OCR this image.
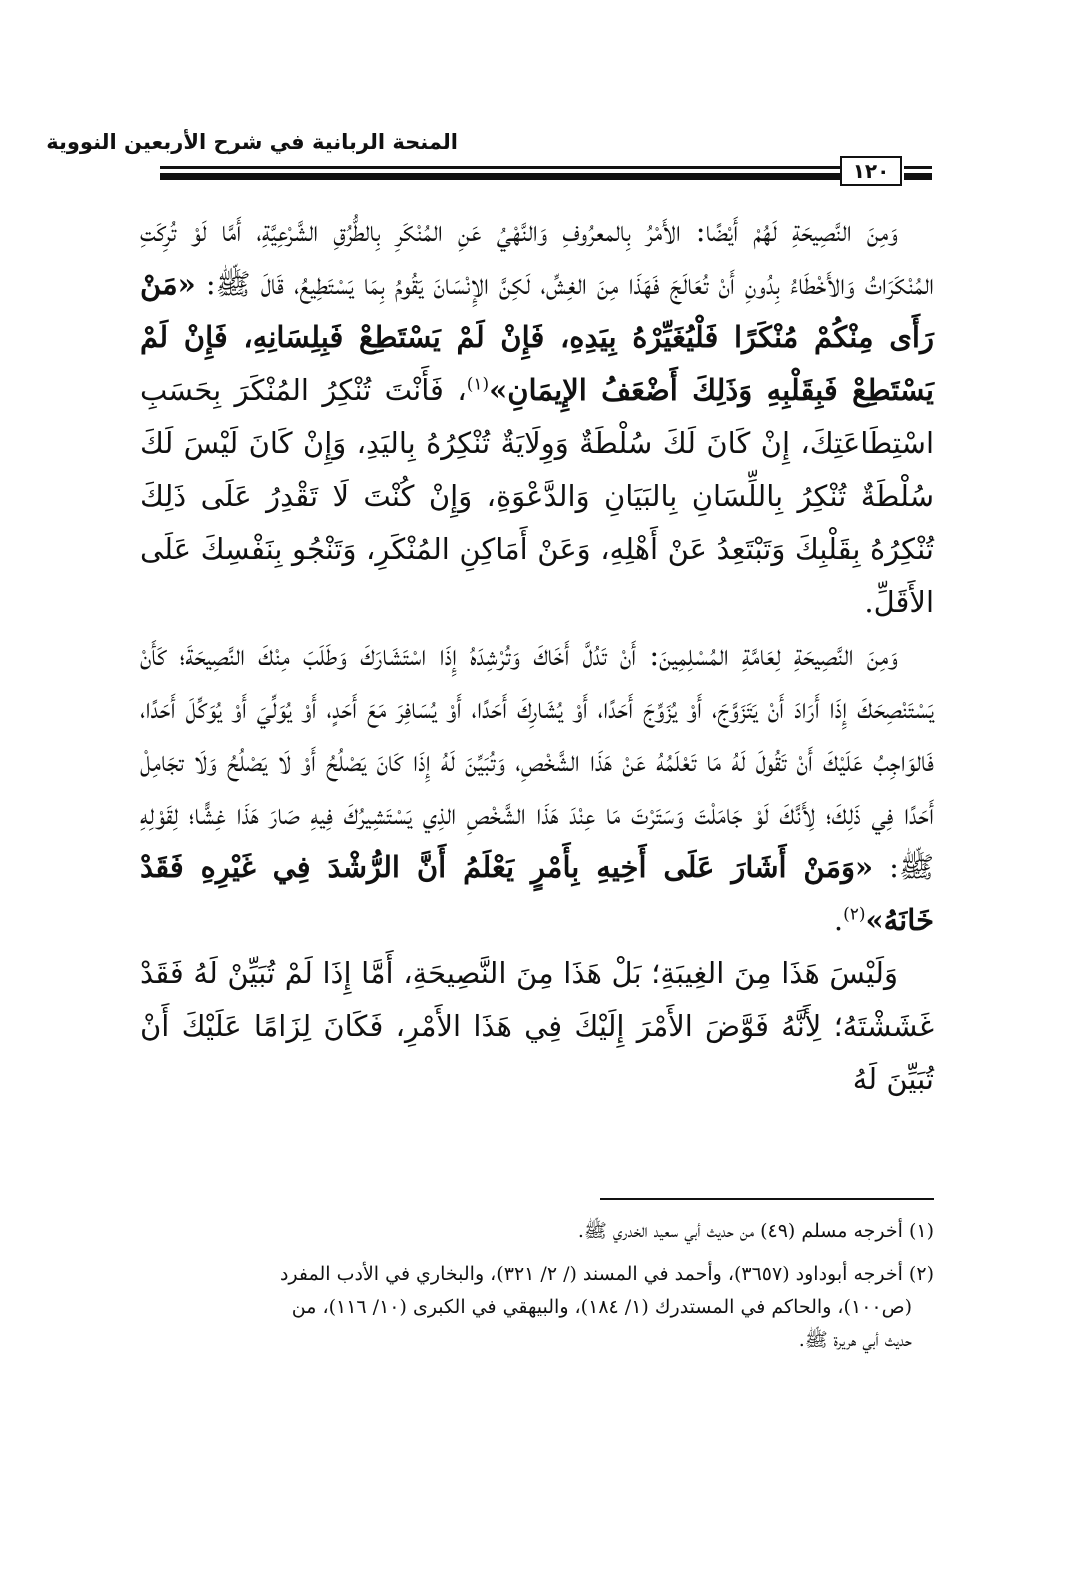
المنحة الربانية في شرح الأربعين النووية
١٢٠

وَمِنَ النَّصِيحَةِ لَهُمْ أَيْضًا: الأَمْرُ بِالمعرُوفِ وَالنَّهْيُ عَنِ المُنْكَرِ بِالطُّرُقِ الشَّرْعِيَّةِ، أَمَّا لَوْ تُرِكَتِ المُنْكَرَاتُ وَالأَخْطَاءُ بِدُونِ أَنْ تُعَالَجَ فَهَذَا مِنَ الغِشِّ، لَكِنَّ الإِنْسَانَ يَقُومُ بِمَا يَسْتَطِيعُ، قَالَ ﷺ: «مَنْ رَأَى مِنْكُمْ مُنْكَرًا فَلْيُغَيِّرْهُ بِيَدِهِ، فَإِنْ لَمْ يَسْتَطِعْ فَبِلِسَانِهِ، فَإِنْ لَمْ يَسْتَطِعْ فَبِقَلْبِهِ وَذَلِكَ أَضْعَفُ الإِيمَانِ»$^{(١)}$، فَأَنْتَ تُنْكِرُ المُنْكَرَ بِحَسَبِ اسْتِطَاعَتِكَ، إِنْ كَانَ لَكَ سُلْطَةٌ وَوِلَايَةٌ تُنْكِرُهُ بِاليَدِ، وَإِنْ كَانَ لَيْسَ لَكَ سُلْطَةٌ تُنْكِرُ بِاللِّسَانِ بِالبَيَانِ وَالدَّعْوَةِ، وَإِنْ كُنْتَ لَا تَقْدِرُ عَلَى ذَلِكَ تُنْكِرُهُ بِقَلْبِكَ وَتَبْتَعِدُ عَنْ أَهْلِهِ، وَعَنْ أَمَاكِنِ المُنْكَرِ، وَتَنْجُو بِنَفْسِكَ عَلَى الأَقَلِّ.

وَمِنَ النَّصِيحَةِ لِعَامَّةِ المُسْلِمِينَ: أَنْ تَدُلَّ أَخَاكَ وَتُرْشِدَهُ إِذَا اسْتَشَارَكَ وَطَلَبَ مِنْكَ النَّصِيحَةَ؛ كَأَنْ يَسْتَنْصِحَكَ إِذَا أَرَادَ أَنْ يَتَزَوَّجَ، أَوْ يُزَوِّجَ أَحَدًا، أَوْ يُشَارِكَ أَحَدًا، أَوْ يُسَافِرَ مَعَ أَحَدٍ، أَوْ يُوَلِّيَ أَوْ يُوَكِّلَ أَحَدًا، فَالوَاجِبُ عَلَيْكَ أَنْ تَقُولَ لَهُ مَا تَعْلَمُهُ عَنْ هَذَا الشَّخْصِ، وَتُبَيِّنَ لَهُ إِذَا كَانَ يَصْلُحُ أَوْ لَا يَصْلُحُ وَلَا تجَامِلْ أَحَدًا فِي ذَلِكَ؛ لِأَنَّكَ لَوْ جَامَلْتَ وَسَتَرْتَ مَا عِنْدَ هَذَا الشَّخْصِ الذِي يَسْتَشِيرُكَ فِيهِ صَارَ هَذَا غِشًّا؛ لِقَوْلِهِ ﷺ: «وَمَنْ أَشَارَ عَلَى أَخِيهِ بِأَمْرٍ يَعْلَمُ أَنَّ الرُّشْدَ فِي غَيْرِهِ فَقَدْ خَانَهُ»$^{(٢)}$.

وَلَيْسَ هَذَا مِنَ الغِيبَةِ؛ بَلْ هَذَا مِنَ النَّصِيحَةِ، أَمَّا إِذَا لَمْ تُبَيِّنْ لَهُ فَقَدْ غَشَشْتَهُ؛ لِأَنَّهُ فَوَّضَ الأَمْرَ إِلَيْكَ فِي هَذَا الأَمْرِ، فَكَانَ لِزَامًا عَلَيْكَ أَنْ تُبَيِّنَ لَهُ

(١) أخرجه مسلم (٤٩) من حديث أبي سعيد الخدري ﷺ.

(٢) أخرجه أبوداود (٣٦٥٧)، وأحمد في المسند (/ ٢/ ٣٢١)، والبخاري في الأدب المفرد

(ص١٠٠)، والحاكم في المستدرك (١/ ١٨٤)، والبيهقي في الكبرى (١٠/ ١١٦)، من

حديث أبي هريرة ﷺ.
